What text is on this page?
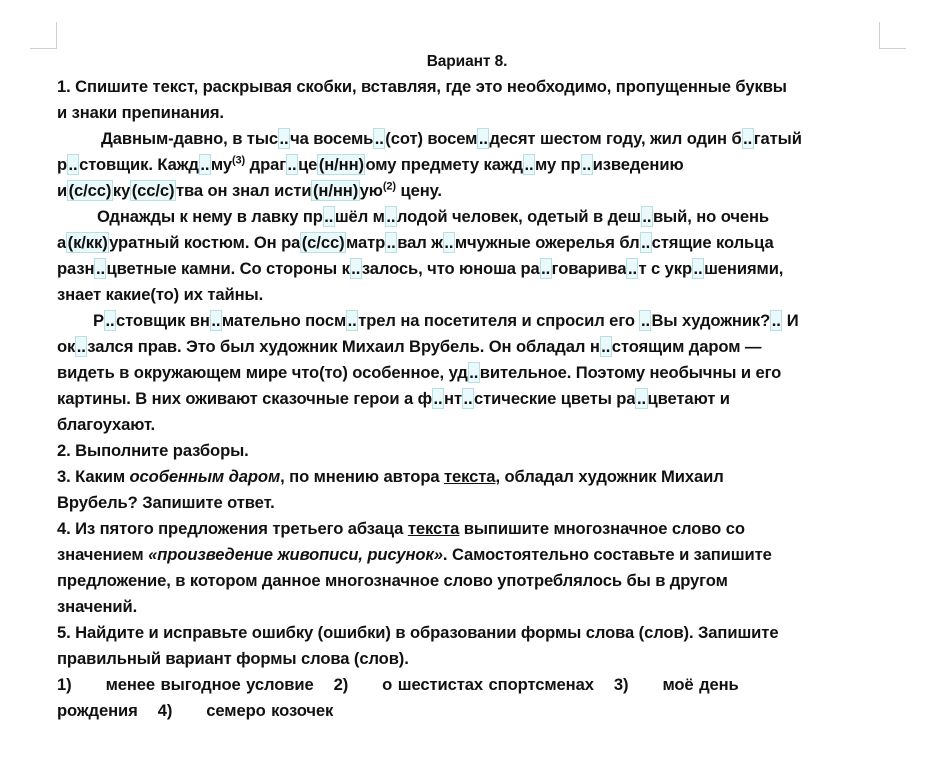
Вариант 8.
1. Спишите текст, раскрывая скобки, вставляя, где это необходимо, пропущенные буквы
и знаки препинания.
Давным-давно, в тыс..ча восемь..(сот) восем..десят шестом году, жил один б..гатый
р..стовщик. $Кажд..му^{(3)}$ драг..це(н/нн)ому предмету кажд..му пр..изведению
и(с/сс)ку(сс/с)тва он знал $исти(н/нн)ую^{(2)}$ цену.
Однажды к нему в лавку пр..шёл м..лодой человек, одетый в деш..вый, но очень
а(к/кк)уратный костюм. Он ра(с/сс)матр..вал ж..мчужные ожерелья бл..стящие кольца
разн..цветные камни. Со стороны к..залось, что юноша ра..говарива..т с укр..шениями,
знает какие(то) их тайны.
Р..стовщик вн..мательно посм..трел на посетителя и спросил его ..Вы художник?.. И
ок..зался прав. Это был художник Михаил Врубель. Он обладал н..стоящим даром —
видеть в окружающем мире что(то) особенное, уд..вительное. Поэтому необычны и его
картины. В них оживают сказочные герои а ф..нт..стические цветы ра..цветают и
благоухают.
2. Выполните разборы.
3. Каким особенным даром, по мнению автора текста, обладал художник Михаил
Врубель? Запишите ответ.
4. Из пятого предложения третьего абзаца текста выпишите многозначное слово со
значением «произведение живописи, рисунок». Самостоятельно составьте и запишите
предложение, в котором данное многозначное слово употреблялось бы в другом
значений.
5. Найдите и исправьте ошибку (ошибки) в образовании формы слова (слов). Запишите
правильный вариант формы слова (слов).
1) менее выгодное условие 2) о шестистах спортсменах 3) моё день
рождения 4) семеро козочек
